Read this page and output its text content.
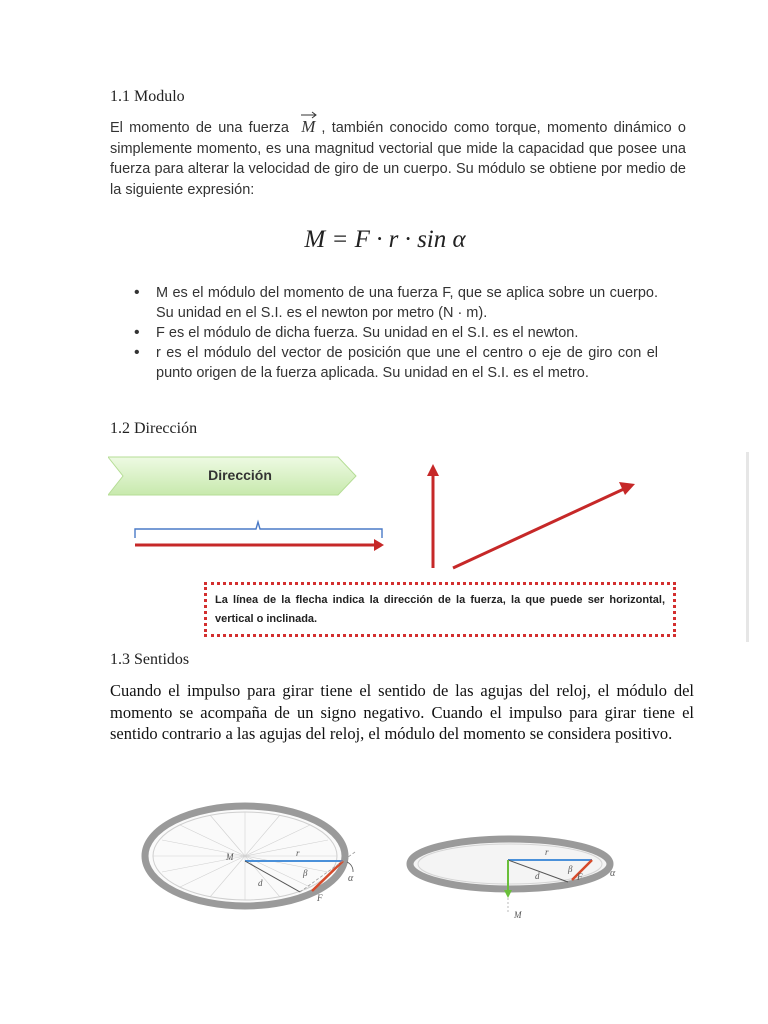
1.1 Modulo
El momento de una fuerza M , también conocido como torque, momento dinámico o simplemente momento, es una magnitud vectorial que mide la capacidad que posee una fuerza para alterar la velocidad de giro de un cuerpo. Su módulo se obtiene por medio de la siguiente expresión:
M = F · r · sin α
• M es el módulo del momento de una fuerza F, que se aplica sobre un cuerpo. Su unidad en el S.I. es el newton por metro (N · m).
• F es el módulo de dicha fuerza. Su unidad en el S.I. es el newton.
• r es el módulo del vector de posición que une el centro o eje de giro con el punto origen de la fuerza aplicada. Su unidad en el S.I. es el metro.
1.2 Dirección
Dirección
La línea de la flecha indica la dirección de la fuerza, la que puede ser horizontal, vertical o inclinada.
1.3 Sentidos
Cuando el impulso para girar tiene el sentido de las agujas del reloj, el módulo del momento se acompaña de un signo negativo. Cuando el impulso para girar tiene el sentido contrario a las agujas del reloj, el módulo del momento se considera positivo.
M	r
β	α
d
F
r
β	α
d	F
M
